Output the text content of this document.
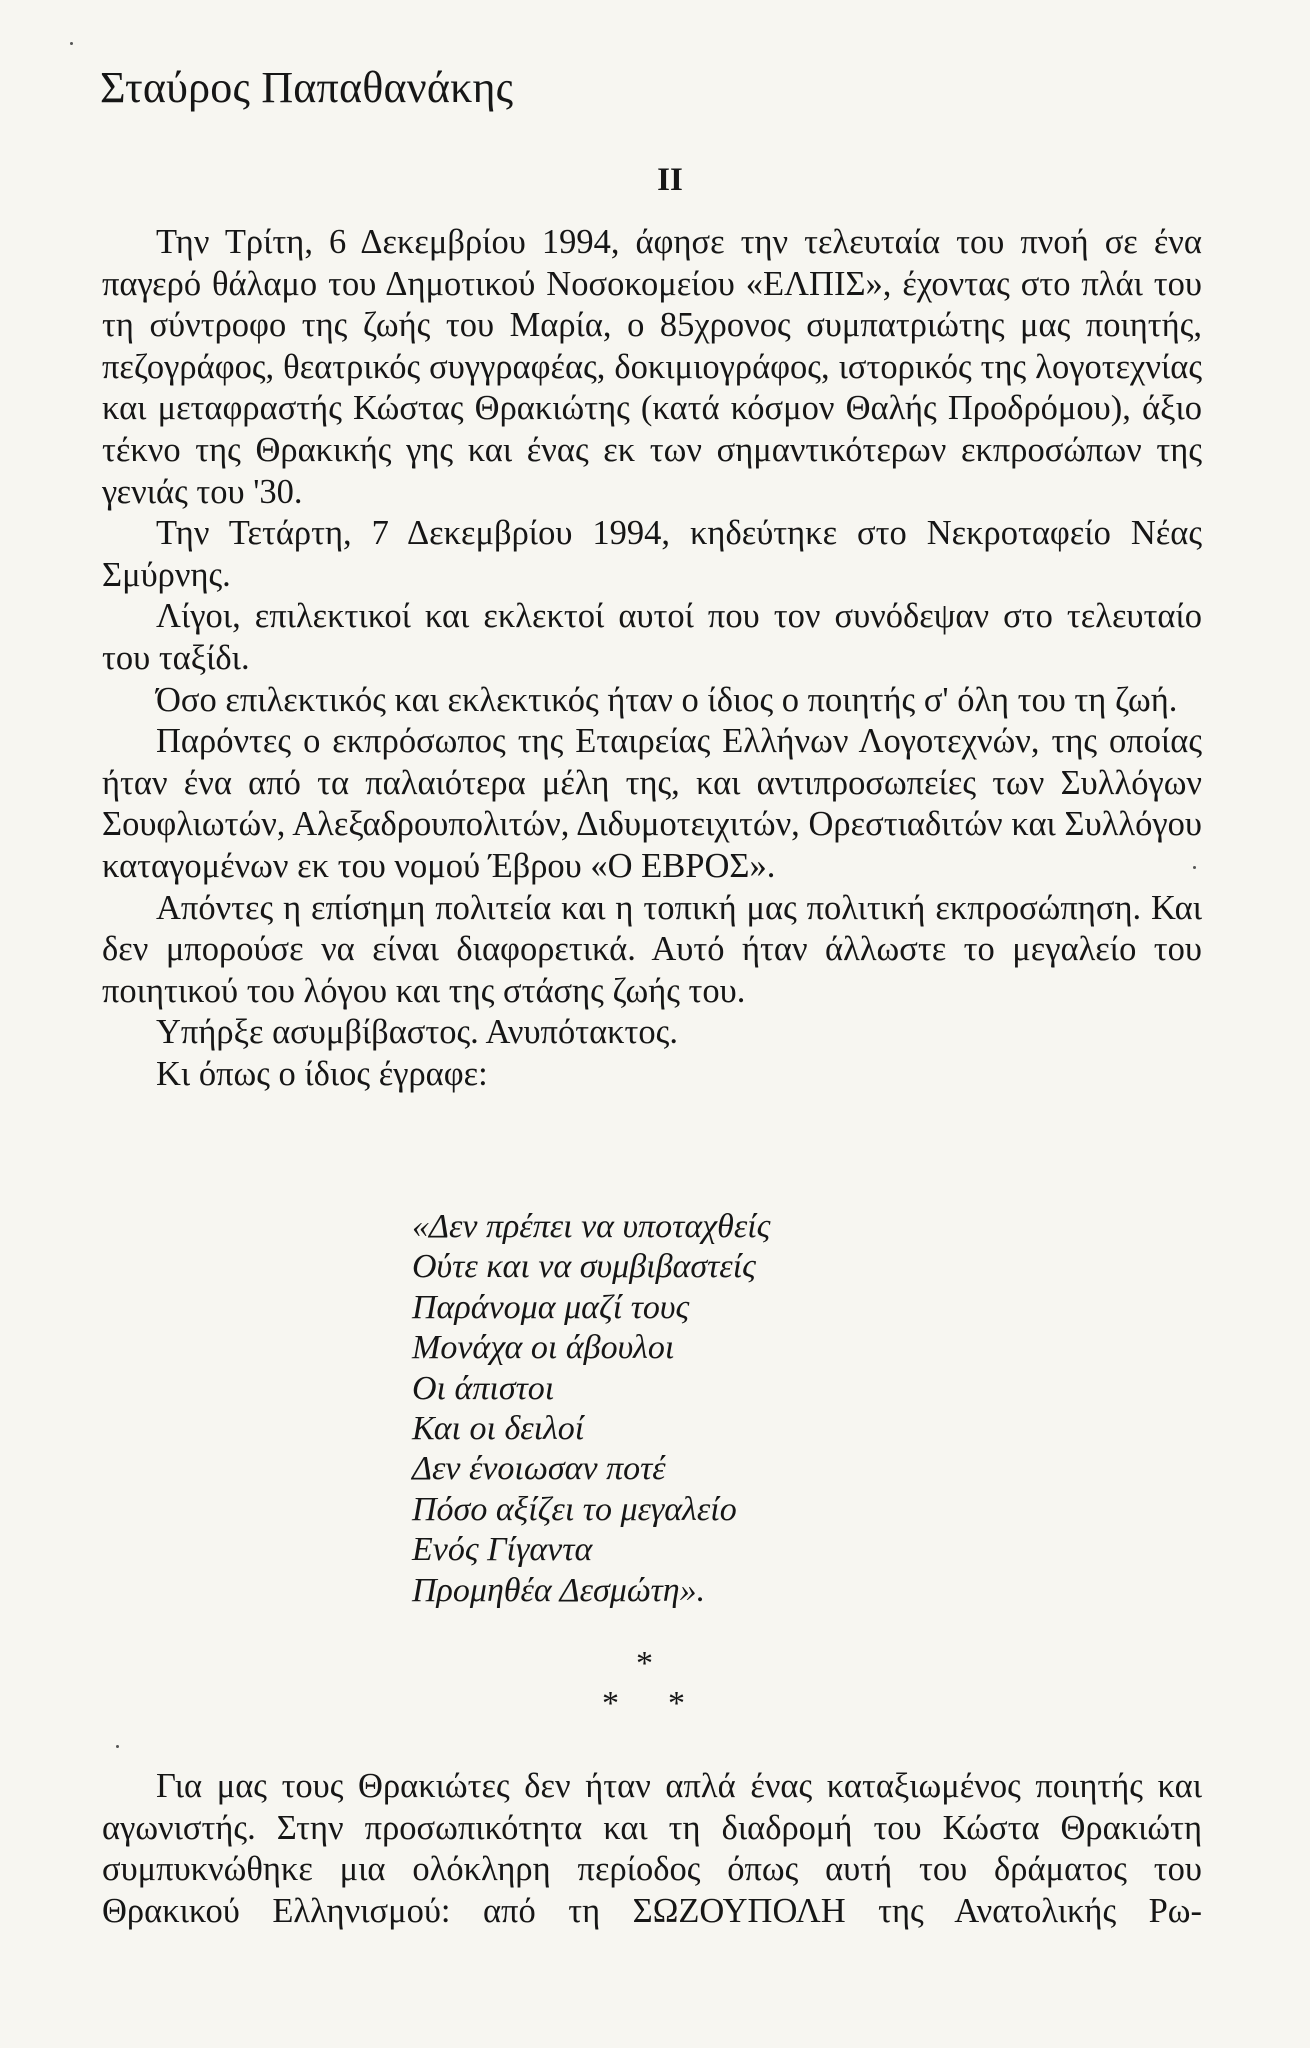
Σταύρος Παπαθανάκης
ΙΙ

Την Τρίτη, 6 Δεκεμβρίου 1994, άφησε την τελευταία του πνοή σε ένα παγερό θάλαμο του Δημοτικού Νοσοκομείου «ΕΛΠΙΣ», έχοντας στο πλάι του τη σύντροφο της ζωής του Μαρία, ο 85χρονος συμπατριώτης μας ποιητής, πεζογράφος, θεατρικός συγγραφέας, δοκιμιογράφος, ιστορικός της λογοτεχνίας και μεταφραστής Κώστας Θρακιώτης (κατά κόσμον Θαλής Προδρόμου), άξιο τέκνο της Θρακικής γης και ένας εκ των σημαντικότερων εκπροσώπων της γενιάς του '30.

Την Τετάρτη, 7 Δεκεμβρίου 1994, κηδεύτηκε στο Νεκροταφείο Νέας Σμύρνης.

Λίγοι, επιλεκτικοί και εκλεκτοί αυτοί που τον συνόδεψαν στο τελευταίο του ταξίδι.

Όσο επιλεκτικός και εκλεκτικός ήταν ο ίδιος ο ποιητής σ' όλη του τη ζωή.

Παρόντες ο εκπρόσωπος της Εταιρείας Ελλήνων Λογοτεχνών, της οποίας ήταν ένα από τα παλαιότερα μέλη της, και αντιπροσωπείες των Συλλόγων Σουφλιωτών, Αλεξαδρουπολιτών, Διδυμοτειχιτών, Ορεστιαδιτών και Συλλόγου καταγομένων εκ του νομού Έβρου «Ο ΕΒΡΟΣ».

Απόντες η επίσημη πολιτεία και η τοπική μας πολιτική εκπροσώπηση. Και δεν μπορούσε να είναι διαφορετικά. Αυτό ήταν άλλωστε το μεγαλείο του ποιητικού του λόγου και της στάσης ζωής του.

Υπήρξε ασυμβίβαστος. Ανυπότακτος.

Κι όπως ο ίδιος έγραφε:

«Δεν πρέπει να υποταχθείς
Ούτε και να συμβιβαστείς
Παράνομα μαζί τους
Μονάχα οι άβουλοι
Οι άπιστοι
Και οι δειλοί
Δεν ένοιωσαν ποτέ
Πόσο αξίζει το μεγαλείο
Ενός Γίγαντα
Προμηθέα Δεσμώτη».
*
* *

Για μας τους Θρακιώτες δεν ήταν απλά ένας καταξιωμένος ποιητής και αγωνιστής. Στην προσωπικότητα και τη διαδρομή του Κώστα Θρακιώτη συμπυκνώθηκε μια ολόκληρη περίοδος όπως αυτή του δράματος του Θρακικού Ελληνισμού: από τη ΣΩΖΟΥΠΟΛΗ της Ανατολικής Ρω-
